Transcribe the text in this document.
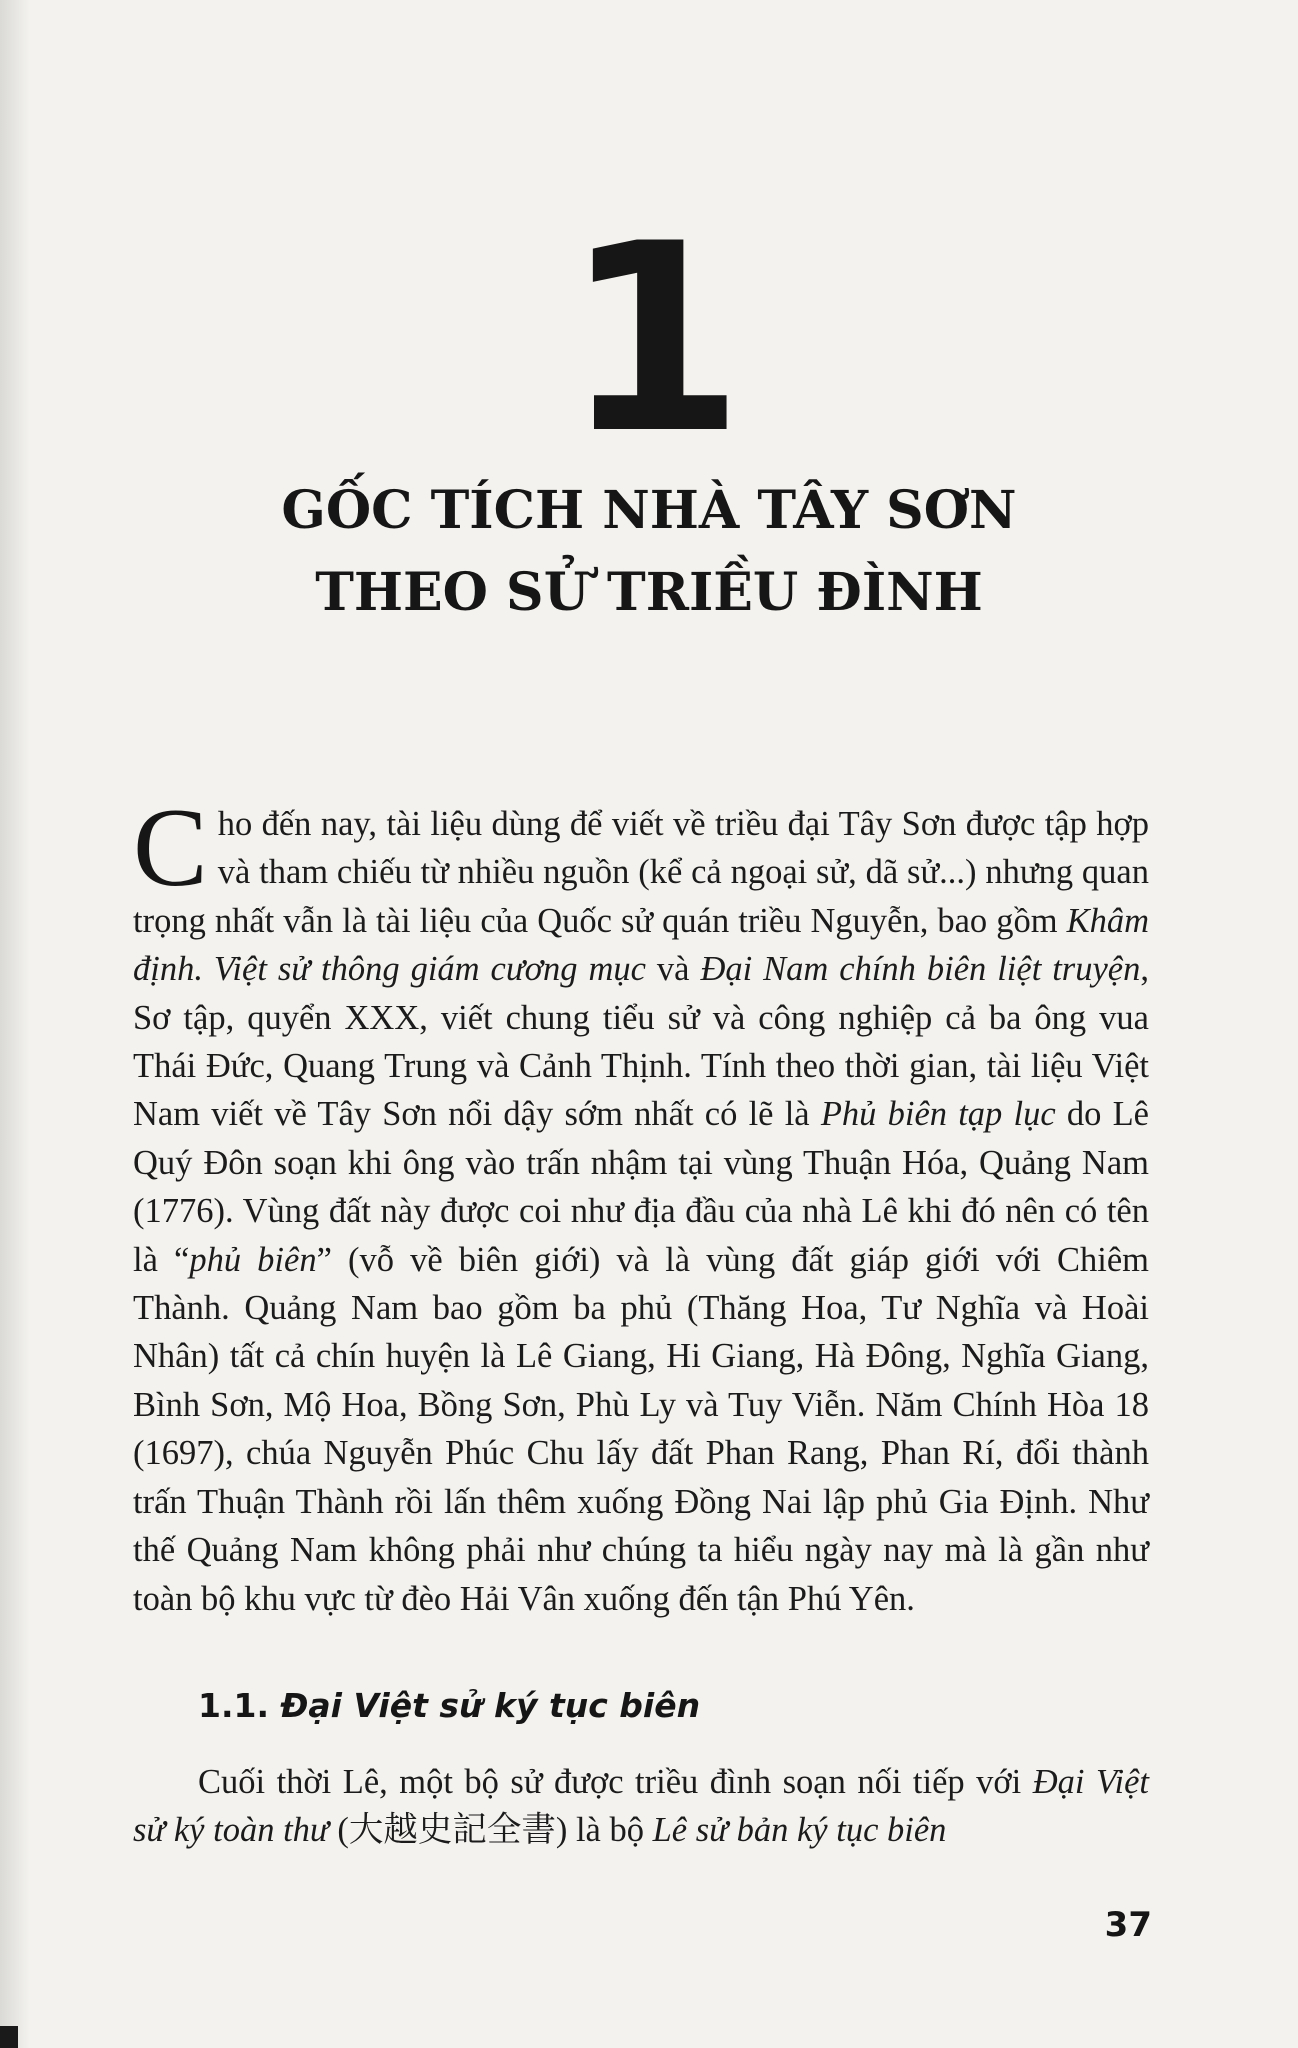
1
GỐC TÍCH NHÀ TÂY SƠN
THEO SỬ TRIỀU ĐÌNH

Cho đến nay, tài liệu dùng để viết về triều đại Tây Sơn được tập hợp và tham chiếu từ nhiều nguồn (kể cả ngoại sử, dã sử...) nhưng quan trọng nhất vẫn là tài liệu của Quốc sử quán triều Nguyễn, bao gồm Khâm định. Việt sử thông giám cương mục và Đại Nam chính biên liệt truyện, Sơ tập, quyển XXX, viết chung tiểu sử và công nghiệp cả ba ông vua Thái Đức, Quang Trung và Cảnh Thịnh. Tính theo thời gian, tài liệu Việt Nam viết về Tây Sơn nổi dậy sớm nhất có lẽ là Phủ biên tạp lục do Lê Quý Đôn soạn khi ông vào trấn nhậm tại vùng Thuận Hóa, Quảng Nam (1776). Vùng đất này được coi như địa đầu của nhà Lê khi đó nên có tên là “phủ biên” (vỗ về biên giới) và là vùng đất giáp giới với Chiêm Thành. Quảng Nam bao gồm ba phủ (Thăng Hoa, Tư Nghĩa và Hoài Nhân) tất cả chín huyện là Lê Giang, Hi Giang, Hà Đông, Nghĩa Giang, Bình Sơn, Mộ Hoa, Bồng Sơn, Phù Ly và Tuy Viễn. Năm Chính Hòa 18 (1697), chúa Nguyễn Phúc Chu lấy đất Phan Rang, Phan Rí, đổi thành trấn Thuận Thành rồi lấn thêm xuống Đồng Nai lập phủ Gia Định. Như thế Quảng Nam không phải như chúng ta hiểu ngày nay mà là gần như toàn bộ khu vực từ đèo Hải Vân xuống đến tận Phú Yên.

1.1. Đại Việt sử ký tục biên

Cuối thời Lê, một bộ sử được triều đình soạn nối tiếp với Đại Việt sử ký toàn thư (大越史記全書) là bộ Lê sử bản ký tục biên

37
